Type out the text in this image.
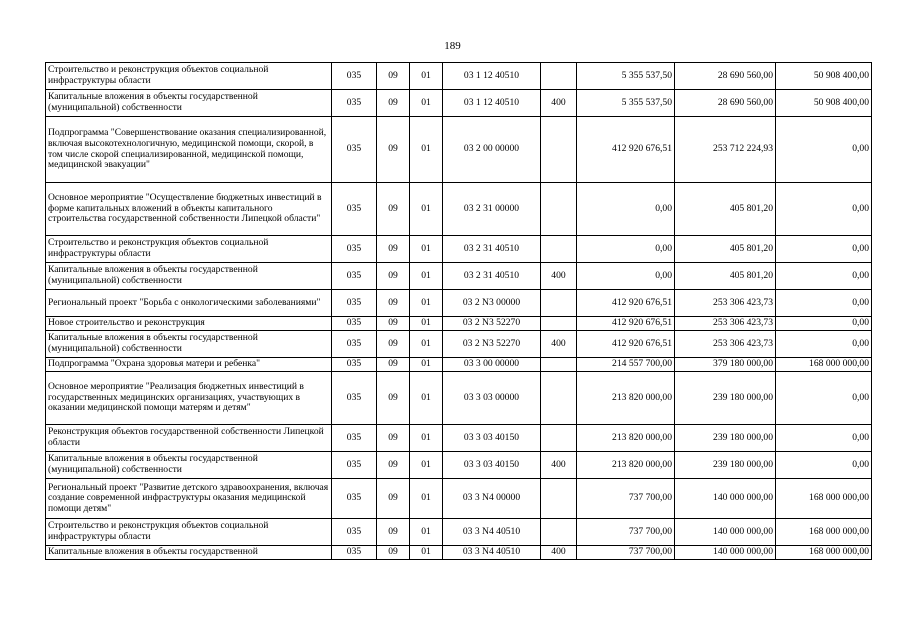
189
Строительство и реконструкция объектов социальной инфраструктуры области	035	09	01	03 1 12 40510		5 355 537,50	28 690 560,00	50 908 400,00
Капитальные вложения в объекты государственной (муниципальной) собственности	035	09	01	03 1 12 40510	400	5 355 537,50	28 690 560,00	50 908 400,00
Подпрограмма "Совершенствование оказания специализированной, включая высокотехнологичную, медицинской помощи, скорой, в том числе скорой специализированной, медицинской помощи, медицинской эвакуации"	035	09	01	03 2 00 00000		412 920 676,51	253 712 224,93	0,00
Основное мероприятие "Осуществление бюджетных инвестиций в форме капитальных вложений в объекты капитального строительства государственной собственности Липецкой области"	035	09	01	03 2 31 00000		0,00	405 801,20	0,00
Строительство и реконструкция объектов социальной инфраструктуры области	035	09	01	03 2 31 40510		0,00	405 801,20	0,00
Капитальные вложения в объекты государственной (муниципальной) собственности	035	09	01	03 2 31 40510	400	0,00	405 801,20	0,00
Региональный проект "Борьба с онкологическими заболеваниями"	035	09	01	03 2 N3 00000		412 920 676,51	253 306 423,73	0,00
Новое строительство и реконструкция	035	09	01	03 2 N3 52270		412 920 676,51	253 306 423,73	0,00
Капитальные вложения в объекты государственной (муниципальной) собственности	035	09	01	03 2 N3 52270	400	412 920 676,51	253 306 423,73	0,00
Подпрограмма "Охрана здоровья матери и ребенка"	035	09	01	03 3 00 00000		214 557 700,00	379 180 000,00	168 000 000,00
Основное мероприятие "Реализация бюджетных инвестиций в государственных медицинских организациях, участвующих в оказании медицинской помощи матерям и детям"	035	09	01	03 3 03 00000		213 820 000,00	239 180 000,00	0,00
Реконструкция объектов государственной собственности Липецкой области	035	09	01	03 3 03 40150		213 820 000,00	239 180 000,00	0,00
Капитальные вложения в объекты государственной (муниципальной) собственности	035	09	01	03 3 03 40150	400	213 820 000,00	239 180 000,00	0,00
Региональный проект "Развитие детского здравоохранения, включая создание современной инфраструктуры оказания медицинской помощи детям"	035	09	01	03 3 N4 00000		737 700,00	140 000 000,00	168 000 000,00
Строительство и реконструкция объектов социальной инфраструктуры области	035	09	01	03 3 N4 40510		737 700,00	140 000 000,00	168 000 000,00
Капитальные вложения в объекты государственной	035	09	01	03 3 N4 40510	400	737 700,00	140 000 000,00	168 000 000,00
